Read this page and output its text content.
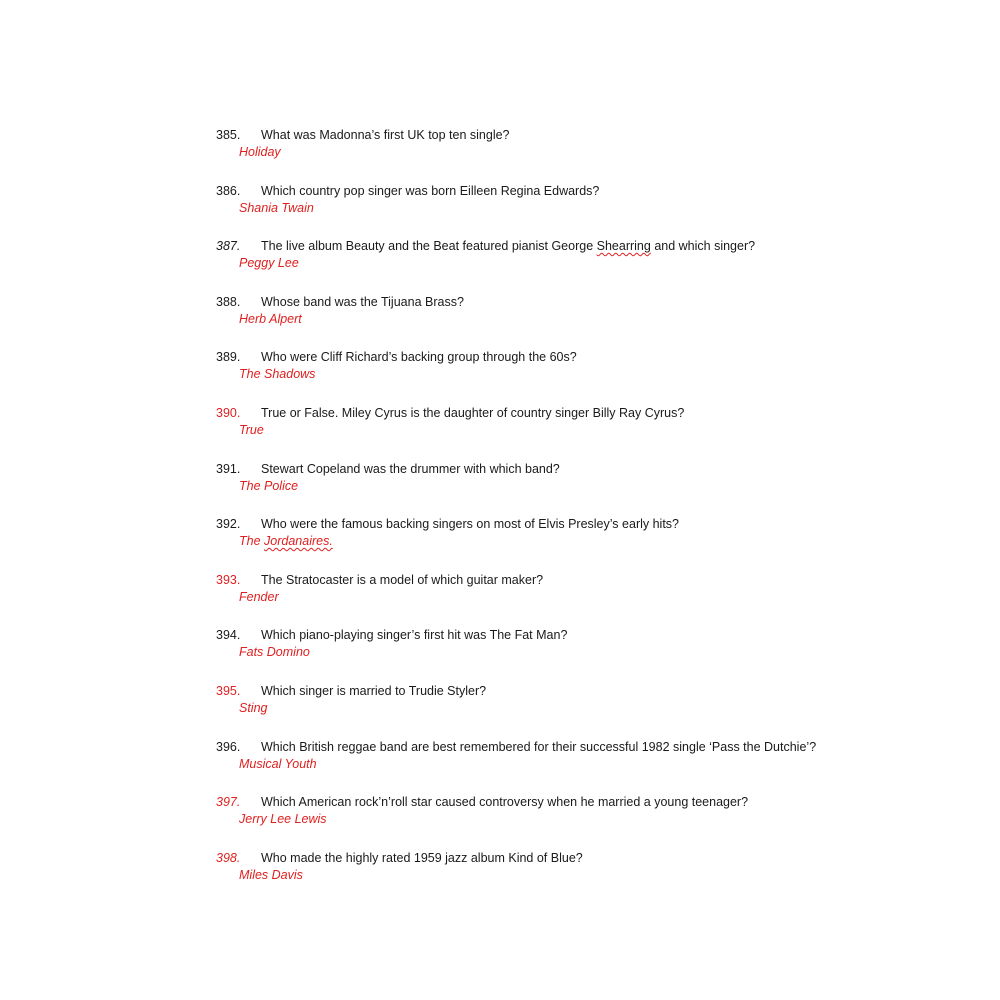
385.	What was Madonna’s first UK top ten single?
Holiday
386.	Which country pop singer was born Eilleen Regina Edwards?
Shania Twain
387.	The live album Beauty and the Beat featured pianist George Shearring and which singer?
Peggy Lee
388.	Whose band was the Tijuana Brass?
Herb Alpert
389.	Who were Cliff Richard’s backing group through the 60s?
The Shadows
390.	True or False. Miley Cyrus is the daughter of country singer Billy Ray Cyrus?
True
391.	Stewart Copeland was the drummer with which band?
The Police
392.	Who were the famous backing singers on most of Elvis Presley’s early hits?
The Jordanaires.
393.	The Stratocaster is a model of which guitar maker?
Fender
394.	Which piano-playing singer’s first hit was The Fat Man?
Fats Domino
395.	Which singer is married to Trudie Styler?
Sting
396.	Which British reggae band are best remembered for their successful 1982 single ‘Pass the Dutchie’?
Musical Youth
397.	Which American rock’n’roll star caused controversy when he married a young teenager?
Jerry Lee Lewis
398.	Who made the highly rated 1959 jazz album Kind of Blue?
Miles Davis
